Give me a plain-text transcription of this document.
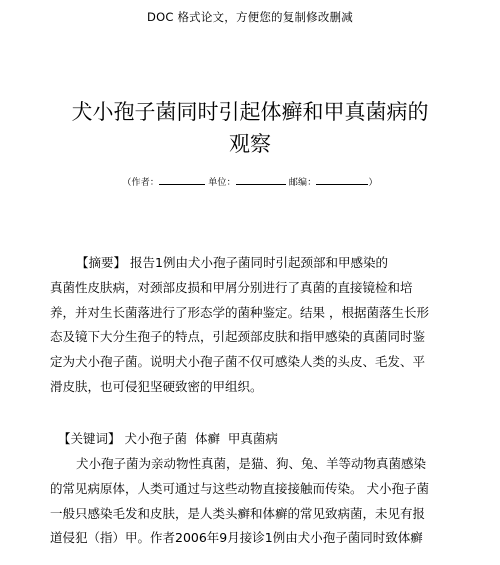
DOC 格式论文，方便您的复制修改删减
犬小孢子菌同时引起体癣和甲真菌病的
观察
（作者：	单位：	邮编：	）

【摘要】 报告1例由犬小孢子菌同时引起颈部和甲感染的

真菌性皮肤病，对颈部皮损和甲屑分别进行了真菌的直接镜检和培

养，并对生长菌落进行了形态学的菌种鉴定。结果 ，根据菌落生长形

态及镜下大分生孢子的特点，引起颈部皮肤和指甲感染的真菌同时鉴

定为犬小孢子菌。说明犬小孢子菌不仅可感染人类的头皮、毛发、平

滑皮肤，也可侵犯坚硬致密的甲组织。

【关键词】 犬小孢子菌  体癣  甲真菌病

犬小孢子菌为亲动物性真菌，是猫、狗、兔、羊等动物真菌感染

的常见病原体，人类可通过与这些动物直接接触而传染。 犬小孢子菌

一般只感染毛发和皮肤，是人类头癣和体癣的常见致病菌，未见有报

道侵犯（指）甲。作者2006年9月接诊1例由犬小孢子菌同时致体癣
